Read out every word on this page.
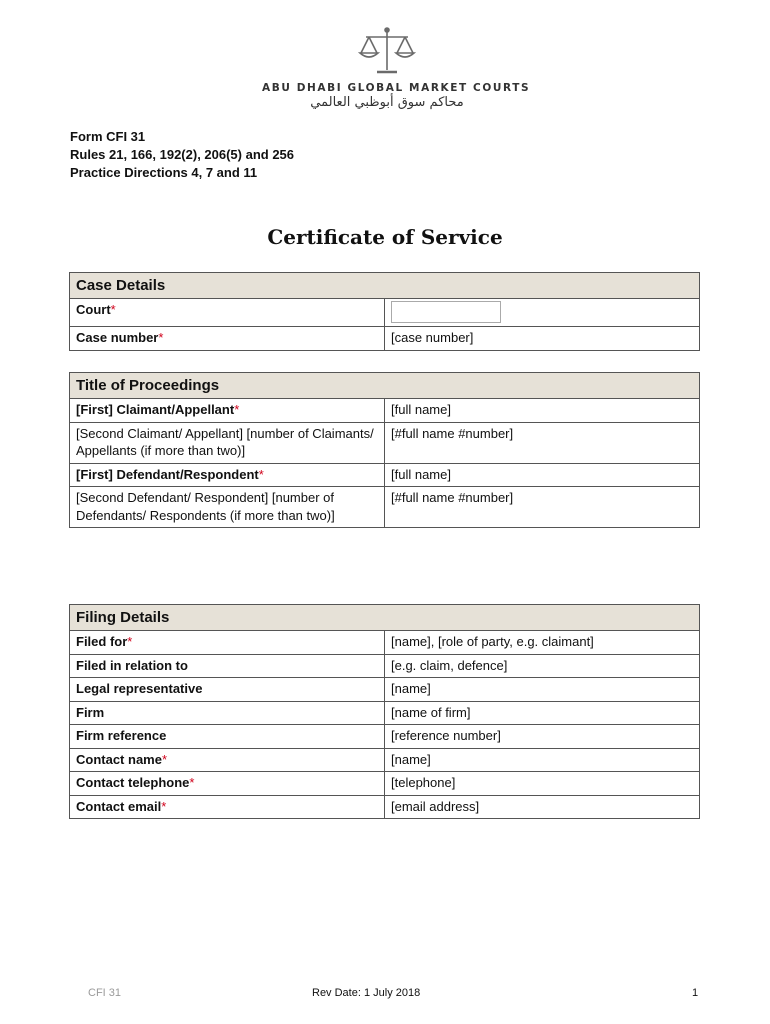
ABU DHABI GLOBAL MARKET COURTS
محاكم سوق أبوظبي العالمي
Form CFI 31
Rules 21, 166, 192(2), 206(5) and 256
Practice Directions 4, 7 and 11
Certificate of Service
Case Details	
Court*	

Case number*	[case number]
Title of Proceedings	
[First] Claimant/Appellant*	[full name]
[Second Claimant/ Appellant] [number of Claimants/ Appellants (if more than two)]	[#full name #number]
[First] Defendant/Respondent*	[full name]
[Second Defendant/ Respondent] [number of Defendants/ Respondents (if more than two)]	[#full name #number]
Filing Details	
Filed for*	[name], [role of party, e.g. claimant]
Filed in relation to	[e.g. claim, defence]
Legal representative	[name]
Firm	[name of firm]
Firm reference	[reference number]
Contact name*	[name]
Contact telephone*	[telephone]
Contact email*	[email address]
CFI 31	Rev Date: 1 July 2018	1
